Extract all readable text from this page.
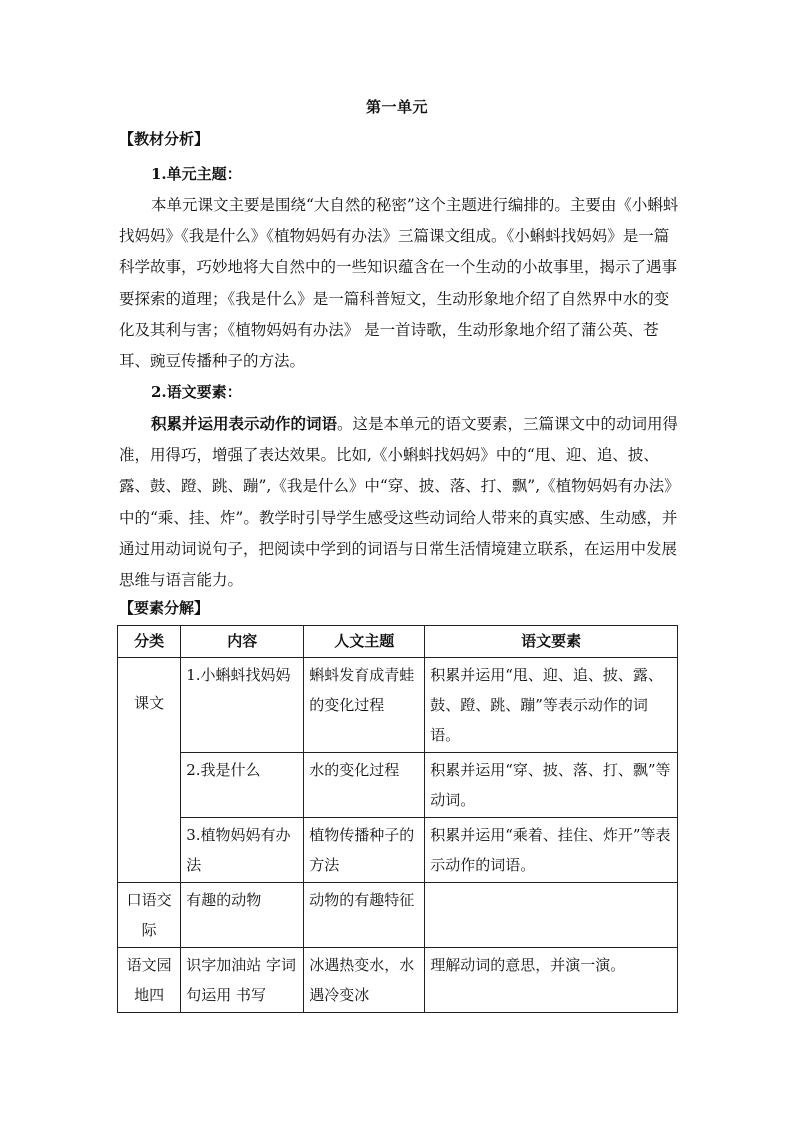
第一单元
【教材分析】
1.单元主题：

本单元课文主要是围绕“大自然的秘密”这个主题进行编排的。主要由《小蝌蚪找妈妈》《我是什么》《植物妈妈有办法》三篇课文组成。《小蝌蚪找妈妈》是一篇科学故事，巧妙地将大自然中的一些知识蕴含在一个生动的小故事里，揭示了遇事要探索的道理；《我是什么》是一篇科普短文，生动形象地介绍了自然界中水的变化及其利与害；《植物妈妈有办法》 是一首诗歌，生动形象地介绍了蒲公英、苍耳、豌豆传播种子的方法。

2.语文要素：

积累并运用表示动作的词语。这是本单元的语文要素，三篇课文中的动词用得准，用得巧，增强了表达效果。比如,《小蝌蚪找妈妈》中的“甩、迎、追、披、露、鼓、蹬、跳、蹦”,《我是什么》中“穿、披、落、打、飘”,《植物妈妈有办法》中的“乘、挂、炸”。教学时引导学生感受这些动词给人带来的真实感、生动感，并通过用动词说句子，把阅读中学到的词语与日常生活情境建立联系，在运用中发展思维与语言能力。

【要素分解】
分类	内容	人文主题	语文要素
课文	1.小蝌蚪找妈妈	蝌蚪发育成青蛙的变化过程	积累并运用“甩、迎、追、披、露、鼓、蹬、跳、蹦”等表示动作的词语。
	2.我是什么	水的变化过程	积累并运用“穿、披、落、打、飘”等动词。
	3.植物妈妈有办法	植物传播种子的方法	积累并运用“乘着、挂住、炸开”等表示动作的词语。
口语交际	有趣的动物	动物的有趣特征	
语文园地四	识字加油站 字词句运用 书写	冰遇热变水，水遇冷变冰	理解动词的意思，并演一演。
